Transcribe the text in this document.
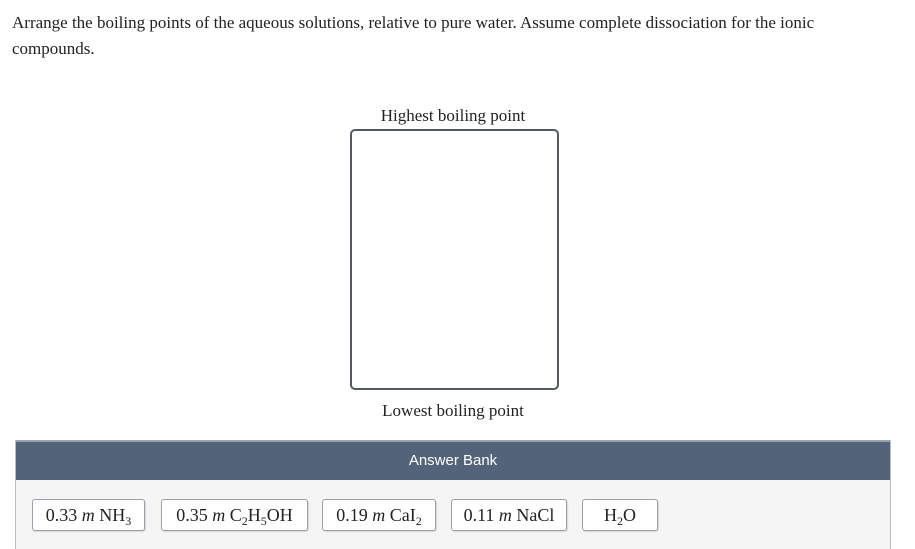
Arrange the boiling points of the aqueous solutions, relative to pure water. Assume complete dissociation for the ionic compounds.
Highest boiling point
Lowest boiling point
Answer Bank
0.33 m $NH_3$	0.35 m $C_2H_5OH$	0.19 m CaI$_2$	0.11 m NaCl	$H_2O$
